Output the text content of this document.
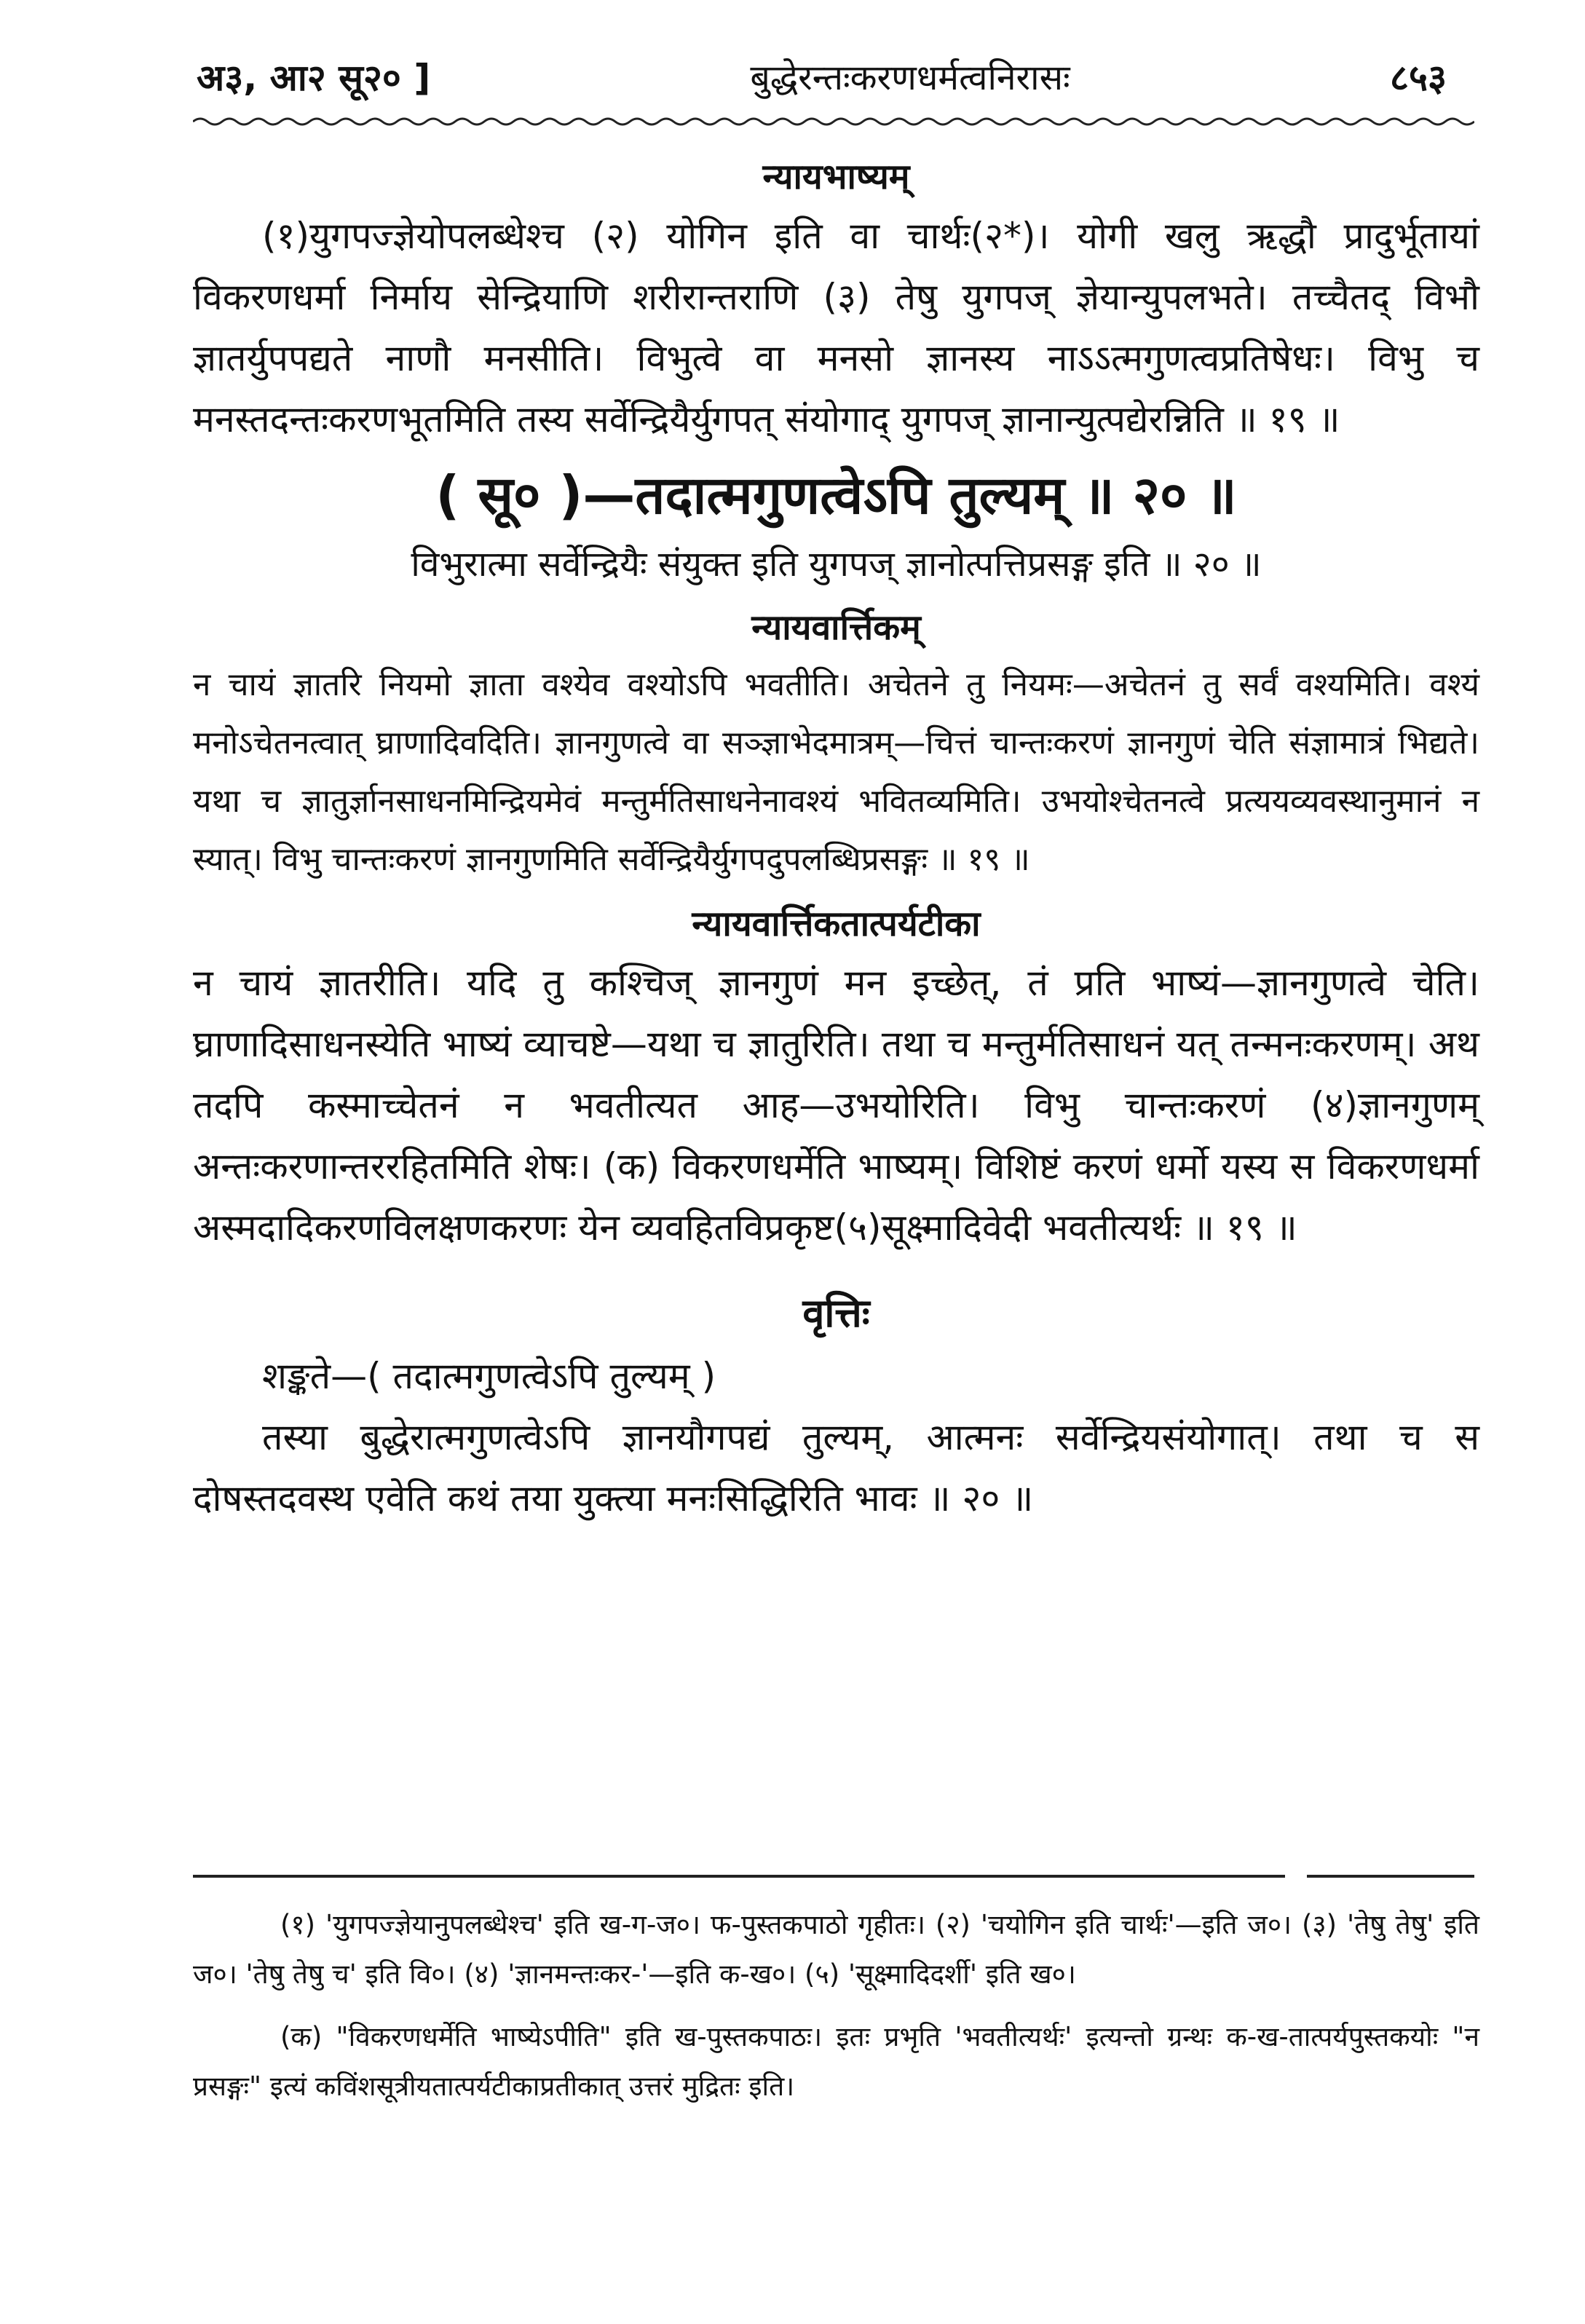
अ३, आ२ सू२० ]	बुद्धेरन्तःकरणधर्मत्वनिरासः	८५३
न्यायभाष्यम्

(१)युगपज्ज्ञेयोपलब्धेश्च (२) योगिन इति वा चार्थः(२*)। योगी खलु ऋद्धौ प्रादुर्भूतायां विकरणधर्मा निर्माय सेन्द्रियाणि शरीरान्तराणि (३) तेषु युगपज् ज्ञेयान्युपलभते। तच्चैतद् विभौ ज्ञातर्युपपद्यते नाणौ मनसीति। विभुत्वे वा मनसो ज्ञानस्य नाऽऽत्मगुणत्वप्रतिषेधः। विभु च मनस्तदन्तःकरणभूतमिति तस्य सर्वेन्द्रियैर्युगपत् संयोगाद् युगपज् ज्ञानान्युत्पद्येरन्निति ॥ १९ ॥

( सू० )—तदात्मगुणत्वेऽपि तुल्यम् ॥ २० ॥

विभुरात्मा सर्वेन्द्रियैः संयुक्त इति युगपज् ज्ञानोत्पत्तिप्रसङ्ग इति ॥ २० ॥

न्यायवार्त्तिकम्

न चायं ज्ञातरि नियमो ज्ञाता वश्येव वश्योऽपि भवतीति। अचेतने तु नियमः—अचेतनं तु सर्वं वश्यमिति। वश्यं मनोऽचेतनत्वात् घ्राणादिवदिति। ज्ञानगुणत्वे वा सञ्ज्ञाभेदमात्रम्—चित्तं चान्तःकरणं ज्ञानगुणं चेति संज्ञामात्रं भिद्यते। यथा च ज्ञातुर्ज्ञानसाधनमिन्द्रियमेवं मन्तुर्मतिसाधनेनावश्यं भवितव्यमिति। उभयोश्चेतनत्वे प्रत्ययव्यवस्थानुमानं न स्यात्। विभु चान्तःकरणं ज्ञानगुणमिति सर्वेन्द्रियैर्युगपदुपलब्धिप्रसङ्गः ॥ १९ ॥

न्यायवार्त्तिकतात्पर्यटीका

न चायं ज्ञातरीति। यदि तु कश्चिज् ज्ञानगुणं मन इच्छेत्, तं प्रति भाष्यं—ज्ञानगुणत्वे चेति। घ्राणादिसाधनस्येति भाष्यं व्याचष्टे—यथा च ज्ञातुरिति। तथा च मन्तुर्मतिसाधनं यत् तन्मनःकरणम्। अथ तदपि कस्माच्चेतनं न भवतीत्यत आह—उभयोरिति। विभु चान्तःकरणं (४)ज्ञानगुणम् अन्तःकरणान्तररहितमिति शेषः। (क) विकरणधर्मेति भाष्यम्। विशिष्टं करणं धर्मो यस्य स विकरणधर्मा अस्मदादिकरणविलक्षणकरणः येन व्यवहितविप्रकृष्ट(५)सूक्ष्मादिवेदी भवतीत्यर्थः ॥ १९ ॥

वृत्तिः

शङ्कते—( तदात्मगुणत्वेऽपि तुल्यम् )

तस्या बुद्धेरात्मगुणत्वेऽपि ज्ञानयौगपद्यं तुल्यम्, आत्मनः सर्वेन्द्रियसंयोगात्। तथा च स दोषस्तदवस्थ एवेति कथं तया युक्त्या मनःसिद्धिरिति भावः ॥ २० ॥

(१) 'युगपज्ज्ञेयानुपलब्धेश्च' इति ख-ग-ज०। फ-पुस्तकपाठो गृहीतः। (२) 'चयोगिन इति चार्थः'—इति ज०। (३) 'तेषु तेषु' इति ज०। 'तेषु तेषु च' इति वि०। (४) 'ज्ञानमन्तःकर-'—इति क-ख०। (५) 'सूक्ष्मादिदर्शी' इति ख०।

(क) "विकरणधर्मेति भाष्येऽपीति" इति ख-पुस्तकपाठः। इतः प्रभृति 'भवतीत्यर्थः' इत्यन्तो ग्रन्थः क-ख-तात्पर्यपुस्तकयोः "न प्रसङ्गः" इत्यं कविंशसूत्रीयतात्पर्यटीकाप्रतीकात् उत्तरं मुद्रितः इति।
